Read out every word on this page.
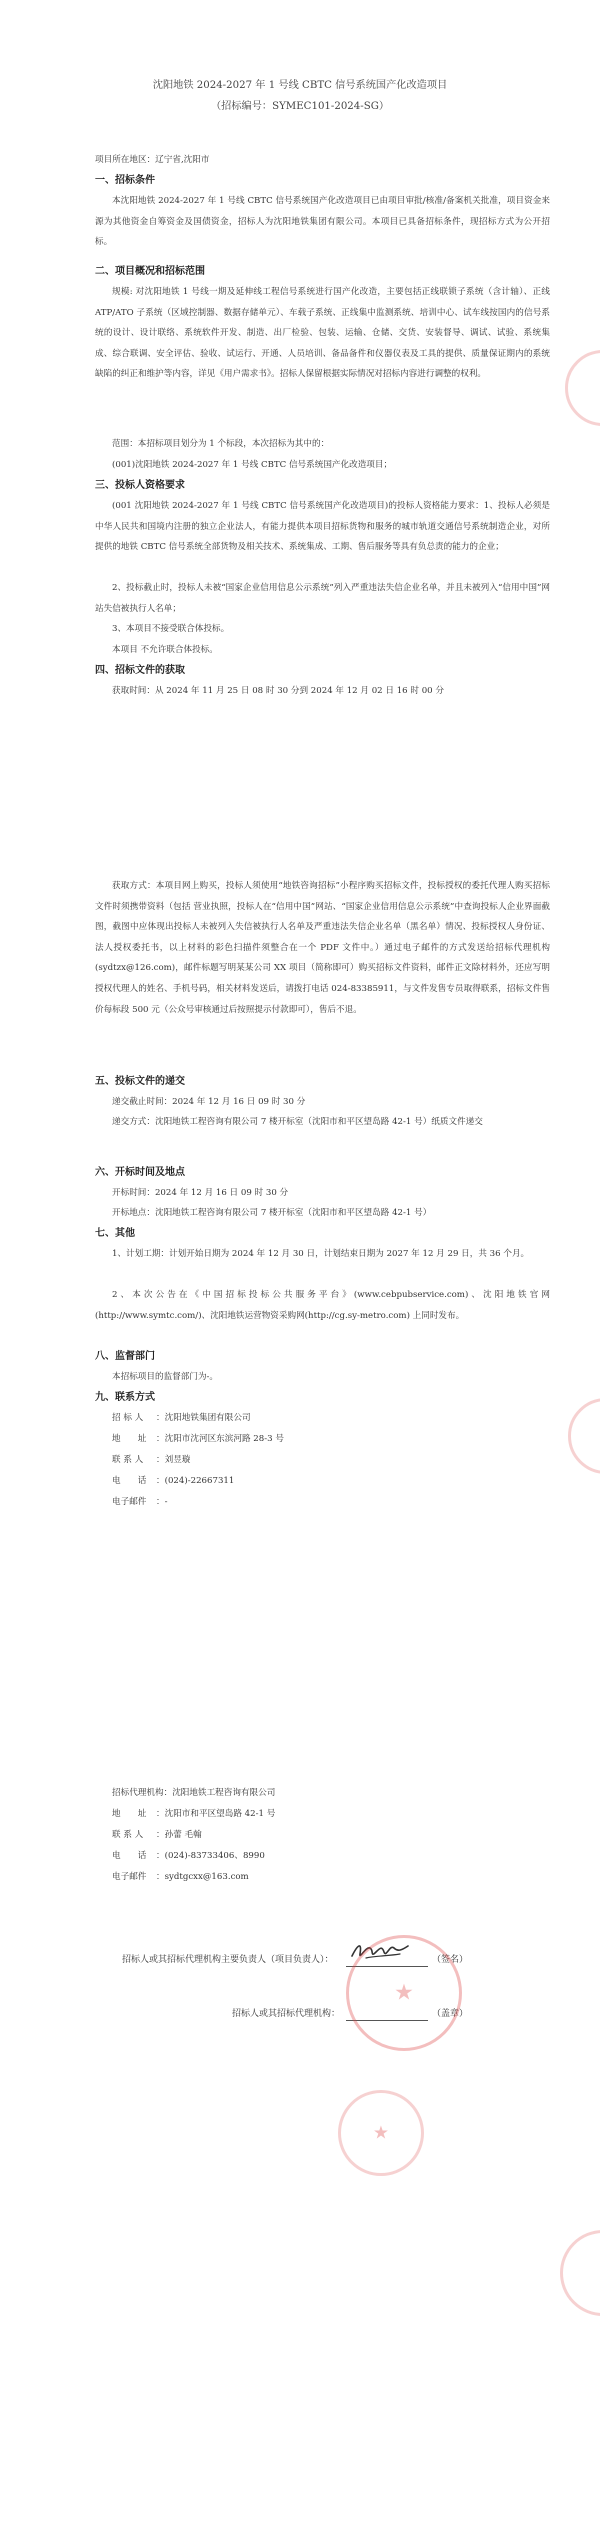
沈阳地铁 2024-2027 年 1 号线 CBTC 信号系统国产化改造项目
（招标编号：SYMEC101-2024-SG）
项目所在地区：辽宁省,沈阳市
一、招标条件
本沈阳地铁 2024-2027 年 1 号线 CBTC 信号系统国产化改造项目已由项目审批/核准/备案机关批准，项目资金来源为其他资金自筹资金及国债资金，招标人为沈阳地铁集团有限公司。本项目已具备招标条件，现招标方式为公开招标。
二、项目概况和招标范围
规模: 对沈阳地铁 1 号线一期及延伸线工程信号系统进行国产化改造，主要包括正线联锁子系统（含计轴）、正线 ATP/ATO 子系统（区域控制器、数据存储单元）、车载子系统、正线集中监测系统、培训中心、试车线按国内的信号系统的设计、设计联络、系统软件开发、制造、出厂检验、包装、运输、仓储、交货、安装督导、调试、试验、系统集成、综合联调、安全评估、验收、试运行、开通、人员培训、备品备件和仪器仪表及工具的提供、质量保证期内的系统缺陷的纠正和维护等内容，详见《用户需求书》。招标人保留根据实际情况对招标内容进行调整的权利。
范围：本招标项目划分为 1 个标段，本次招标为其中的：
(001)沈阳地铁 2024-2027 年 1 号线 CBTC 信号系统国产化改造项目；
三、投标人资格要求
(001 沈阳地铁 2024-2027 年 1 号线 CBTC 信号系统国产化改造项目)的投标人资格能力要求：1、投标人必须是中华人民共和国境内注册的独立企业法人，有能力提供本项目招标货物和服务的城市轨道交通信号系统制造企业，对所提供的地铁 CBTC 信号系统全部货物及相关技术、系统集成、工期、售后服务等具有负总责的能力的企业；
2、投标截止时，投标人未被“国家企业信用信息公示系统”列入严重违法失信企业名单，并且未被列入“信用中国”网站失信被执行人名单；
3、本项目不接受联合体投标。
本项目 不允许联合体投标。
四、招标文件的获取
获取时间：从 2024 年 11 月 25 日 08 时 30 分到 2024 年 12 月 02 日 16 时 00 分
获取方式：本项目网上购买，投标人须使用“地铁咨询招标”小程序购买招标文件，投标授权的委托代理人购买招标文件时须携带资料（包括 营业执照，投标人在“信用中国”网站、“国家企业信用信息公示系统”中查询投标人企业界面截图，截图中应体现出投标人未被列入失信被执行人名单及严重违法失信企业名单（黑名单）情况、投标授权人身份证、法人授权委托书，以上材料的彩色扫描件须整合在一个 PDF 文件中。）通过电子邮件的方式发送给招标代理机构(sydtzx@126.com)，邮件标题写明某某公司 XX 项目（简称即可）购买招标文件资料，邮件正文除材料外，还应写明授权代理人的姓名、手机号码，相关材料发送后，请拨打电话 024-83385911，与文件发售专员取得联系，招标文件售价每标段 500 元（公众号审核通过后按照提示付款即可），售后不退。
五、投标文件的递交
递交截止时间：2024 年 12 月 16 日 09 时 30 分
递交方式：沈阳地铁工程咨询有限公司 7 楼开标室（沈阳市和平区望岛路 42-1 号）纸质文件递交
六、开标时间及地点
开标时间：2024 年 12 月 16 日 09 时 30 分
开标地点：沈阳地铁工程咨询有限公司 7 楼开标室（沈阳市和平区望岛路 42-1 号）
七、其他
1、计划工期：计划开始日期为 2024 年 12 月 30 日，计划结束日期为 2027 年 12 月 29 日，共 36 个月。
2、本次公告在《中国招标投标公共服务平台》(www.cebpubservice.com)、沈阳地铁官网(http://www.symtc.com/)、沈阳地铁运营物资采购网(http://cg.sy-metro.com) 上同时发布。
八、监督部门
本招标项目的监督部门为-。
九、联系方式
招 标 人 ：沈阳地铁集团有限公司
地　　址 ：沈阳市沈河区东滨河路 28-3 号
联 系 人 ：刘昱璇
电　　话 ：(024)-22667311
电子邮件 ：-
招标代理机构：沈阳地铁工程咨询有限公司
地　　址 ：沈阳市和平区望岛路 42-1 号
联 系 人 ：孙蕾 毛翰
电　　话 ：(024)-83733406、8990
电子邮件 ：sydtgcxx@163.com
招标人或其招标代理机构主要负责人（项目负责人）：	（签名）
招标人或其招标代理机构：	（盖章）
★
★
